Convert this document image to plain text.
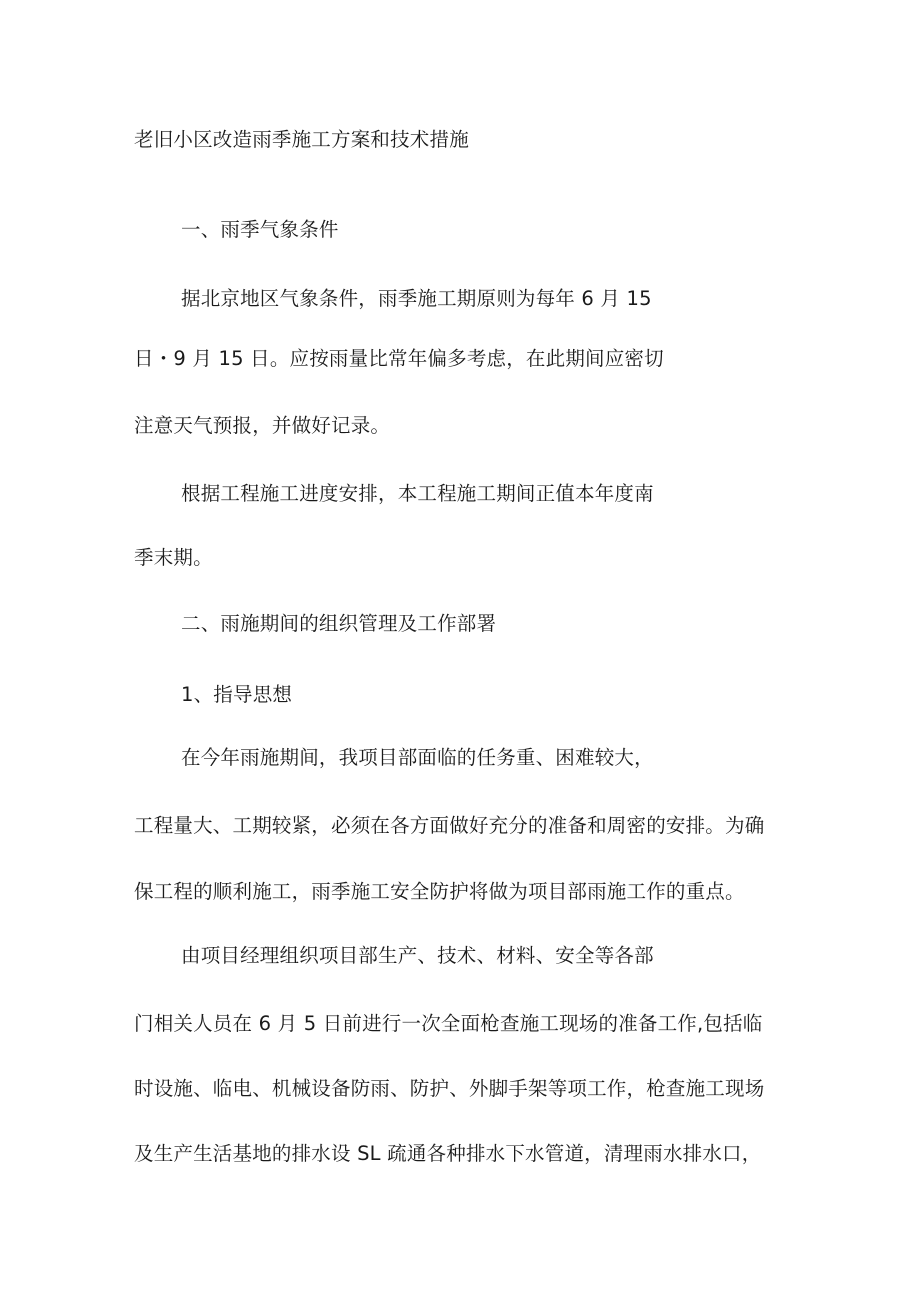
老旧小区改造雨季施工方案和技术措施
一、雨季气象条件
据北京地区气象条件，雨季施工期原则为每年 6 月 15
日・9 月 15 日。应按雨量比常年偏多考虑，在此期间应密切
注意天气预报，并做好记录。
根据工程施工进度安排，本工程施工期间正值本年度南
季末期。
二、雨施期间的组织管理及工作部署
1、指导思想
在今年雨施期间，我项目部面临的任务重、困难较大，
工程量大、工期较紧，必须在各方面做好充分的准备和周密的安排。为确
保工程的顺利施工，雨季施工安全防护将做为项目部雨施工作的重点。
由项目经理组织项目部生产、技术、材料、安全等各部
门相关人员在 6 月 5 日前进行一次全面枪查施工现场的准备工作,包括临
时设施、临电、机械设备防雨、防护、外脚手架等项工作，枪查施工现场
及生产生活基地的排水设 SL 疏通各种排水下水管道，清理雨水排水口，
